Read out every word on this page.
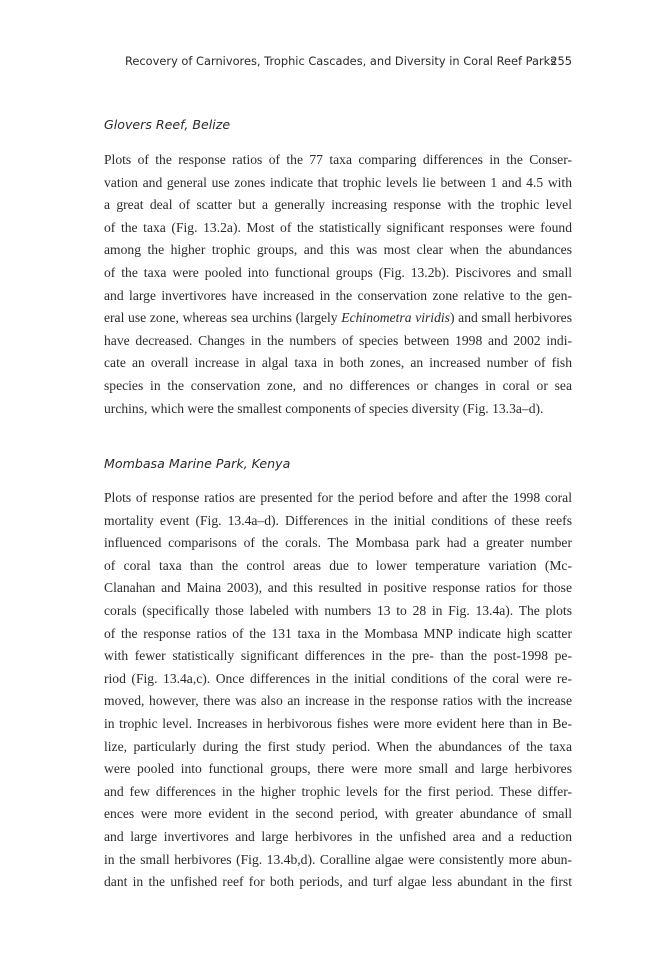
Recovery of Carnivores, Trophic Cascades, and Diversity in Coral Reef Parks
255
Glovers Reef, Belize
Plots of the response ratios of the 77 taxa comparing differences in the Conser-
vation and general use zones indicate that trophic levels lie between 1 and 4.5 with
a great deal of scatter but a generally increasing response with the trophic level
of the taxa (Fig. 13.2a). Most of the statistically significant responses were found
among the higher trophic groups, and this was most clear when the abundances
of the taxa were pooled into functional groups (Fig. 13.2b). Piscivores and small
and large invertivores have increased in the conservation zone relative to the gen-
eral use zone, whereas sea urchins (largely Echinometra viridis) and small herbivores
have decreased. Changes in the numbers of species between 1998 and 2002 indi-
cate an overall increase in algal taxa in both zones, an increased number of fish
species in the conservation zone, and no differences or changes in coral or sea
urchins, which were the smallest components of species diversity (Fig. 13.3a–d).
Mombasa Marine Park, Kenya
Plots of response ratios are presented for the period before and after the 1998 coral
mortality event (Fig. 13.4a–d). Differences in the initial conditions of these reefs
influenced comparisons of the corals. The Mombasa park had a greater number
of coral taxa than the control areas due to lower temperature variation (Mc-
Clanahan and Maina 2003), and this resulted in positive response ratios for those
corals (specifically those labeled with numbers 13 to 28 in Fig. 13.4a). The plots
of the response ratios of the 131 taxa in the Mombasa MNP indicate high scatter
with fewer statistically significant differences in the pre- than the post-1998 pe-
riod (Fig. 13.4a,c). Once differences in the initial conditions of the coral were re-
moved, however, there was also an increase in the response ratios with the increase
in trophic level. Increases in herbivorous fishes were more evident here than in Be-
lize, particularly during the first study period. When the abundances of the taxa
were pooled into functional groups, there were more small and large herbivores
and few differences in the higher trophic levels for the first period. These differ-
ences were more evident in the second period, with greater abundance of small
and large invertivores and large herbivores in the unfished area and a reduction
in the small herbivores (Fig. 13.4b,d). Coralline algae were consistently more abun-
dant in the unfished reef for both periods, and turf algae less abundant in the first
